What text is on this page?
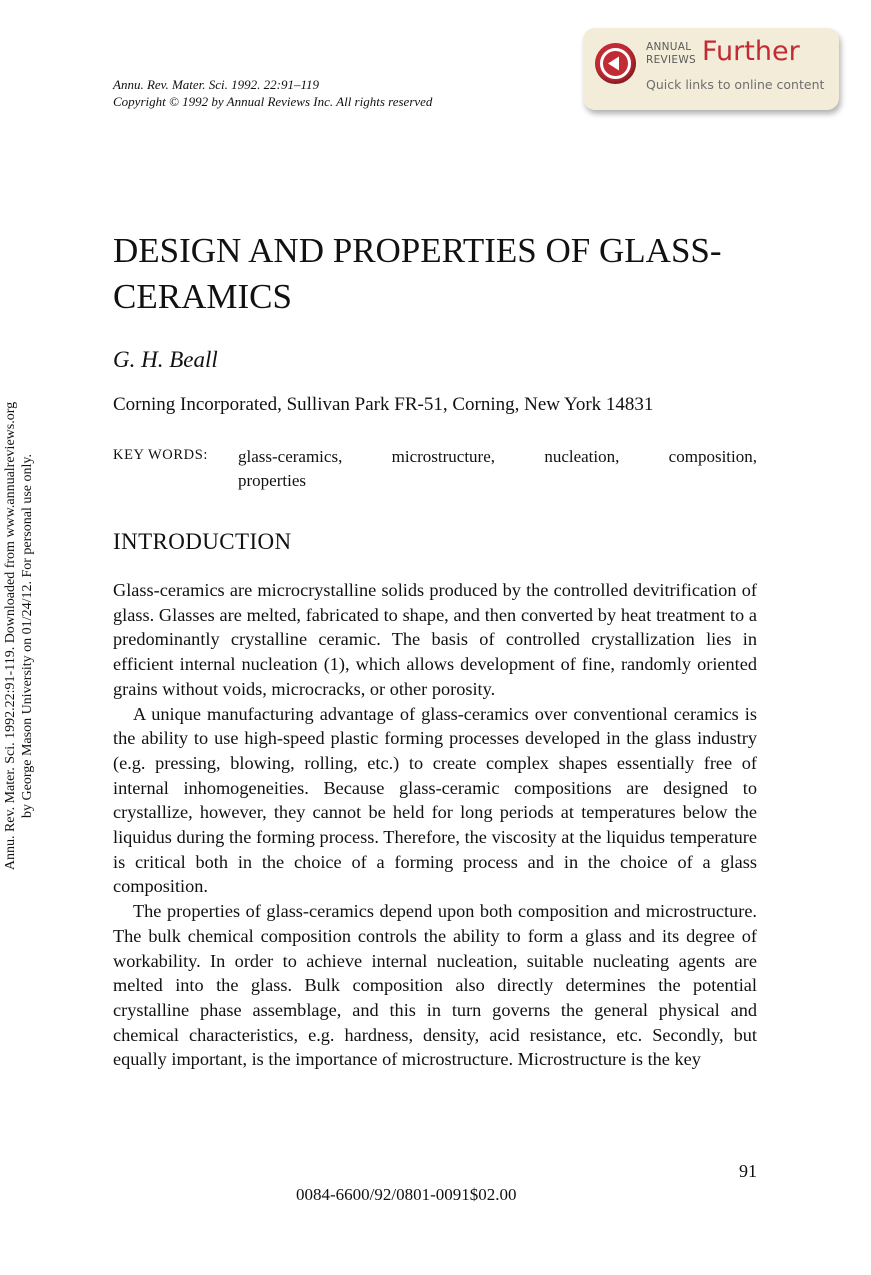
Annu. Rev. Mater. Sci. 1992. 22:91–119
Copyright © 1992 by Annual Reviews Inc. All rights reserved
ANNUAL
REVIEWS Further
Quick links to online content
Annu. Rev. Mater. Sci. 1992.22:91-119. Downloaded from www.annualreviews.org by George Mason University on 01/24/12. For personal use only.
DESIGN AND PROPERTIES OF GLASS-CERAMICS
G. H. Beall
Corning Incorporated, Sullivan Park FR-51, Corning, New York 14831
KEY WORDS: glass-ceramics, microstructure, nucleation, composition,
properties
INTRODUCTION

Glass-ceramics are microcrystalline solids produced by the controlled devitrification of glass. Glasses are melted, fabricated to shape, and then converted by heat treatment to a predominantly crystalline ceramic. The basis of controlled crystallization lies in efficient internal nucleation (1), which allows development of fine, randomly oriented grains without voids, microcracks, or other porosity.

A unique manufacturing advantage of glass-ceramics over conventional ceramics is the ability to use high-speed plastic forming processes developed in the glass industry (e.g. pressing, blowing, rolling, etc.) to create complex shapes essentially free of internal inhomogeneities. Because glass-ceramic compositions are designed to crystallize, however, they cannot be held for long periods at temperatures below the liquidus during the forming process. Therefore, the viscosity at the liquidus temperature is critical both in the choice of a forming process and in the choice of a glass composition.

The properties of glass-ceramics depend upon both composition and microstructure. The bulk chemical composition controls the ability to form a glass and its degree of workability. In order to achieve internal nucleation, suitable nucleating agents are melted into the glass. Bulk composition also directly determines the potential crystalline phase assemblage, and this in turn governs the general physical and chemical characteristics, e.g. hardness, density, acid resistance, etc. Secondly, but equally important, is the importance of microstructure. Microstructure is the key

91
0084-6600/92/0801-0091$02.00
